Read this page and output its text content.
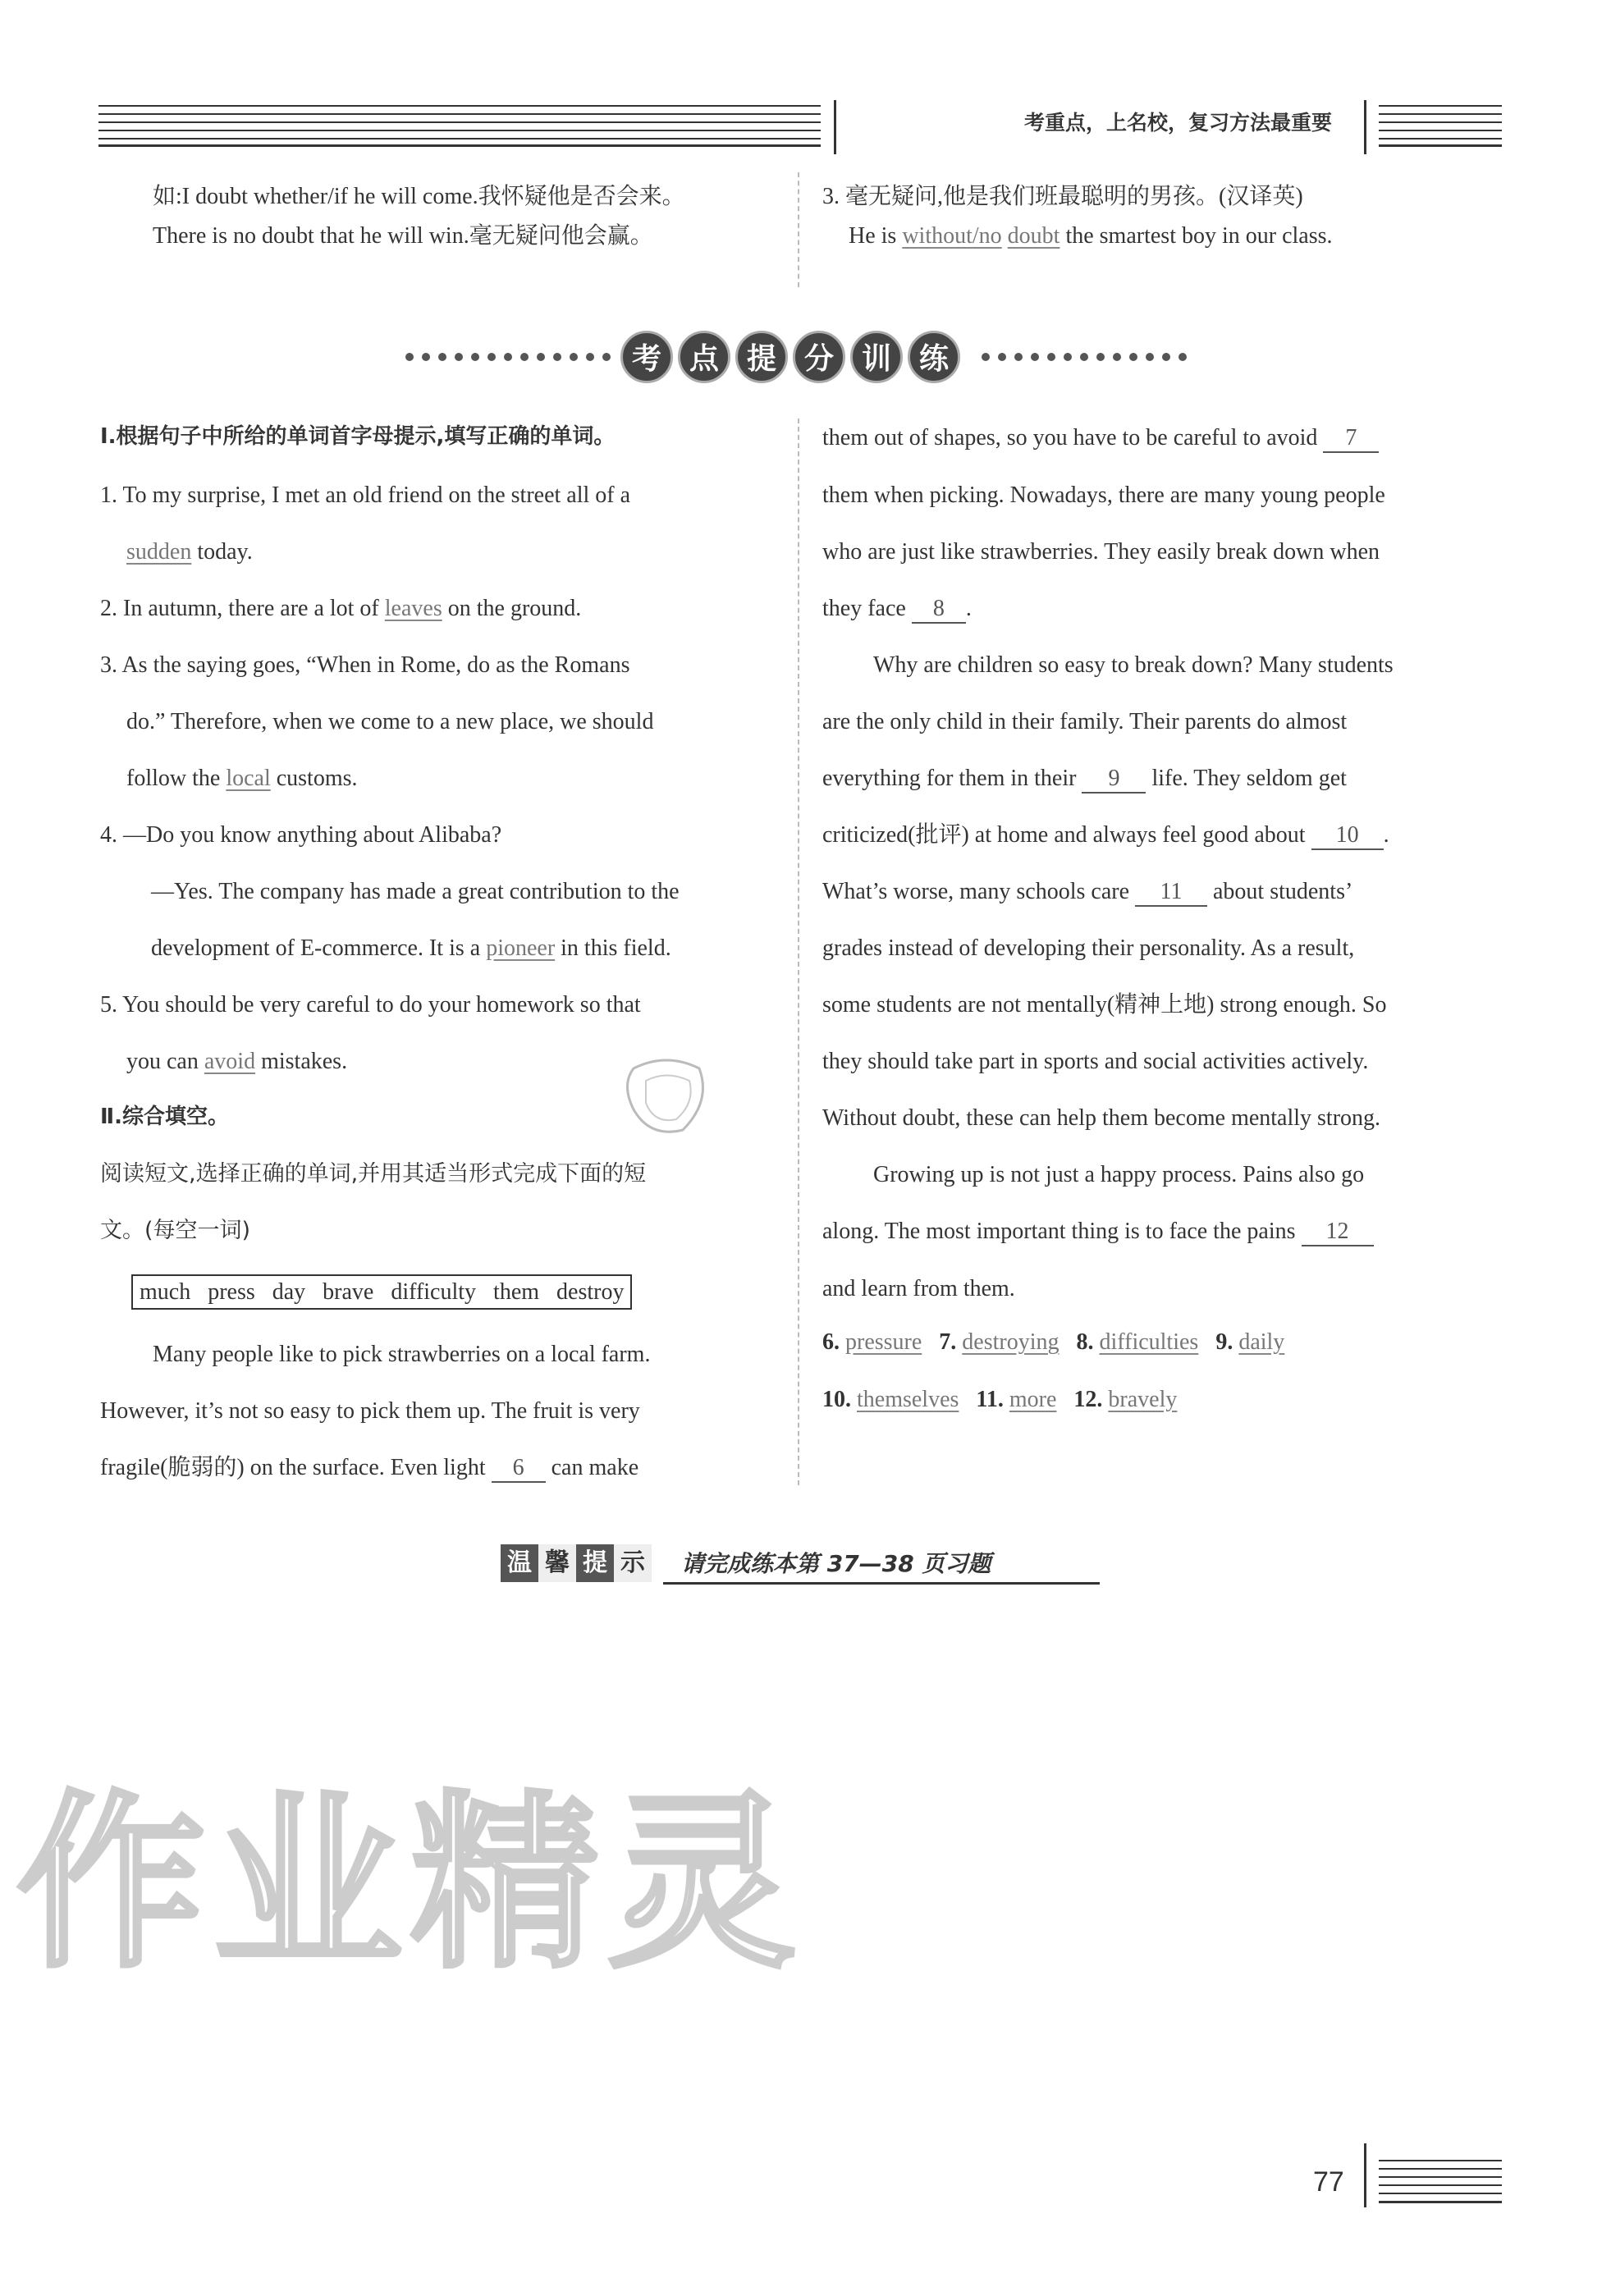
考重点，上名校，复习方法最重要
如:I doubt whether/if he will come.我怀疑他是否会来。
There is no doubt that he will win.毫无疑问他会赢。
3. 毫无疑问,他是我们班最聪明的男孩。(汉译英)
He is without/no doubt the smartest boy in our class.
考 点 提 分 训 练
Ⅰ.根据句子中所给的单词首字母提示,填写正确的单词。
1. To my surprise, I met an old friend on the street all of a
sudden today.
2. In autumn, there are a lot of leaves on the ground.
3. As the saying goes, “When in Rome, do as the Romans
do.” Therefore, when we come to a new place, we should
follow the local customs.
4. —Do you know anything about Alibaba?
—Yes. The company has made a great contribution to the
development of E-commerce. It is a pioneer in this field.
5. You should be very careful to do your homework so that
you can avoid mistakes.
Ⅱ.综合填空。
阅读短文,选择正确的单词,并用其适当形式完成下面的短
文。(每空一词)
much   press   day   brave   difficulty   them   destroy
Many people like to pick strawberries on a local farm.
However, it’s not so easy to pick them up. The fruit is very
fragile(脆弱的) on the surface. Even light 6 can make
them out of shapes, so you have to be careful to avoid 7
them when picking. Nowadays, there are many young people
who are just like strawberries. They easily break down when
they face 8 .
Why are children so easy to break down? Many students
are the only child in their family. Their parents do almost
everything for them in their 9 life. They seldom get
criticized(批评) at home and always feel good about 10 .
What’s worse, many schools care 11 about students’
grades instead of developing their personality. As a result,
some students are not mentally(精神上地) strong enough. So
they should take part in sports and social activities actively.
Without doubt, these can help them become mentally strong.
Growing up is not just a happy process. Pains also go
along. The most important thing is to face the pains 12
and learn from them.
6. pressure 7. destroying 8. difficulties 9. daily
10. themselves 11. more 12. bravely
温 馨 提 示 请完成练本第 37—38 页习题
作业精灵
77
